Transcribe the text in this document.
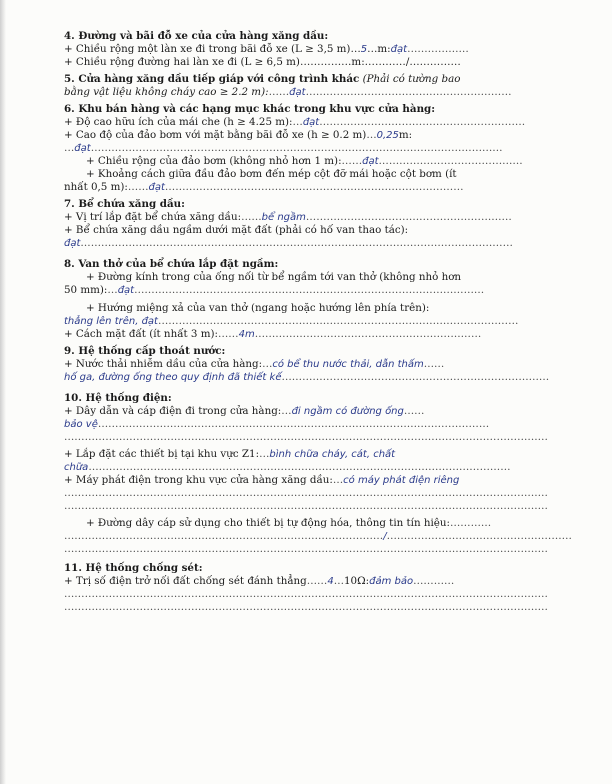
4. Đường và bãi đỗ xe của cửa hàng xăng dầu:
+ Chiều rộng một làn xe đi trong bãi đỗ xe (L ≥ 3,5 m)…5…m:đạt………………
+ Chiều rộng đường hai làn xe đi (L ≥ 6,5 m)……………m:…………/……………
5. Cửa hàng xăng dầu tiếp giáp với công trình khác (Phải có tường bao
bằng vật liệu không cháy cao ≥ 2.2 m):……đạt……………………………………………………
6. Khu bán hàng và các hạng mục khác trong khu vực cửa hàng:
+ Độ cao hữu ích của mái che (h ≥ 4.25 m):…đạt……………………………………………………
+ Cao độ của đảo bơm với mặt bằng bãi đỗ xe (h ≥ 0.2 m)…0,25m:
…đạt…………………………………………………………………………………………………………
+ Chiều rộng của đảo bơm (không nhỏ hơn 1 m):……đạt……………………………………
+ Khoảng cách giữa đầu đảo bơm đến mép cột đỡ mái hoặc cột bơm (ít
nhất 0,5 m):……đạt……………………………………………………………………………
7. Bể chứa xăng dầu:
+ Vị trí lắp đặt bể chứa xăng dầu:……bể ngầm……………………………………………………
+ Bể chứa xăng dầu ngầm dưới mặt đất (phải có hố van thao tác):
đạt………………………………………………………………………………………………………………
8. Van thở của bể chứa lắp đặt ngầm:
+ Đường kính trong của ống nối từ bể ngầm tới van thở (không nhỏ hơn
50 mm):…đạt…………………………………………………………………………………………
+ Hướng miệng xả của van thở (ngang hoặc hướng lên phía trên):
thẳng lên trên, đạt……………………………………………………………………………………………
+ Cách mặt đất (ít nhất 3 m):……4m…………………………………………………………
9. Hệ thống cấp thoát nước:
+ Nước thải nhiễm dầu của cửa hàng:…có bể thu nước thải, dẫn thấm……
hố ga, đường ống theo quy định đã thiết kế……………………………………………………………………
10. Hệ thống điện:
+ Dây dẫn và cáp điện đi trong cửa hàng:…đi ngầm có đường ống……
bảo vệ……………………………………………………………………………………………………
……………………………………………………………………………………………………………………………
+ Lắp đặt các thiết bị tại khu vực Z1:…bình chữa cháy, cát, chất
chữa……………………………………………………………………………………………………………
+ Máy phát điện trong khu vực cửa hàng xăng dầu:…có máy phát điện riêng
……………………………………………………………………………………………………………………………
……………………………………………………………………………………………………………………………
+ Đường dây cáp sử dụng cho thiết bị tự động hóa, thông tin tín hiệu:…………
…………………………………………………………………………………/………………………………………………
……………………………………………………………………………………………………………………………
11. Hệ thống chống sét:
+ Trị số điện trở nối đất chống sét đánh thẳng……4…10Ω:đảm bảo…………
……………………………………………………………………………………………………………………………
……………………………………………………………………………………………………………………………
